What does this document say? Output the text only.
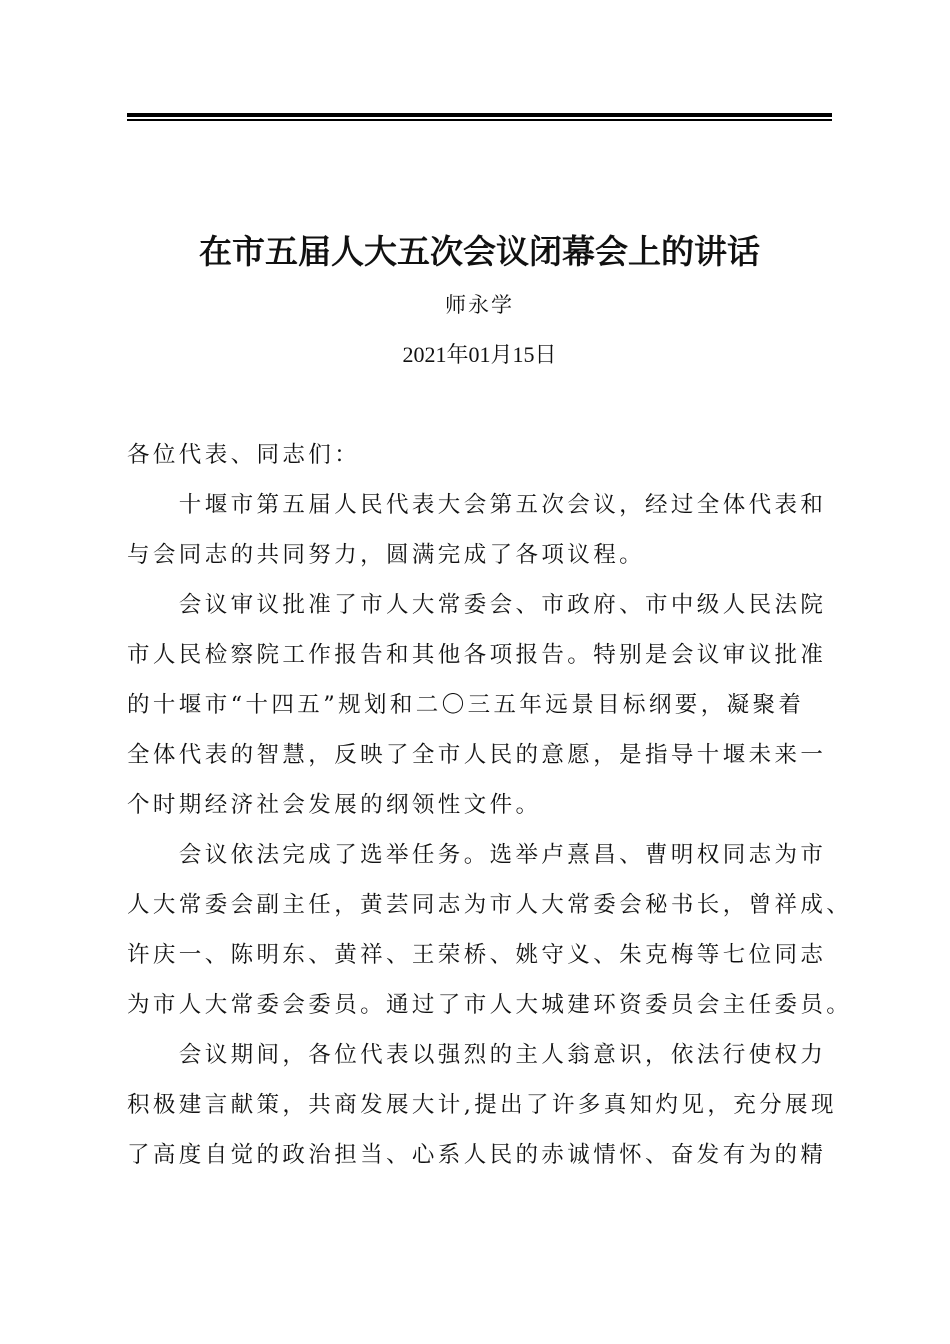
在市五届人大五次会议闭幕会上的讲话
师永学
2021年01月15日
各位代表、同志们：
　　十堰市第五届人民代表大会第五次会议，经过全体代表和
与会同志的共同努力，圆满完成了各项议程。
　　会议审议批准了市人大常委会、市政府、市中级人民法院
市人民检察院工作报告和其他各项报告。特别是会议审议批准
的十堰市“十四五”规划和二〇三五年远景目标纲要，凝聚着
全体代表的智慧，反映了全市人民的意愿，是指导十堰未来一
个时期经济社会发展的纲领性文件。
　　会议依法完成了选举任务。选举卢熹昌、曹明权同志为市
人大常委会副主任，黄芸同志为市人大常委会秘书长，曾祥成、
许庆一、陈明东、黄祥、王荣桥、姚守义、朱克梅等七位同志
为市人大常委会委员。通过了市人大城建环资委员会主任委员。
　　会议期间，各位代表以强烈的主人翁意识，依法行使权力
积极建言献策，共商发展大计,提出了许多真知灼见，充分展现
了高度自觉的政治担当、心系人民的赤诚情怀、奋发有为的精
